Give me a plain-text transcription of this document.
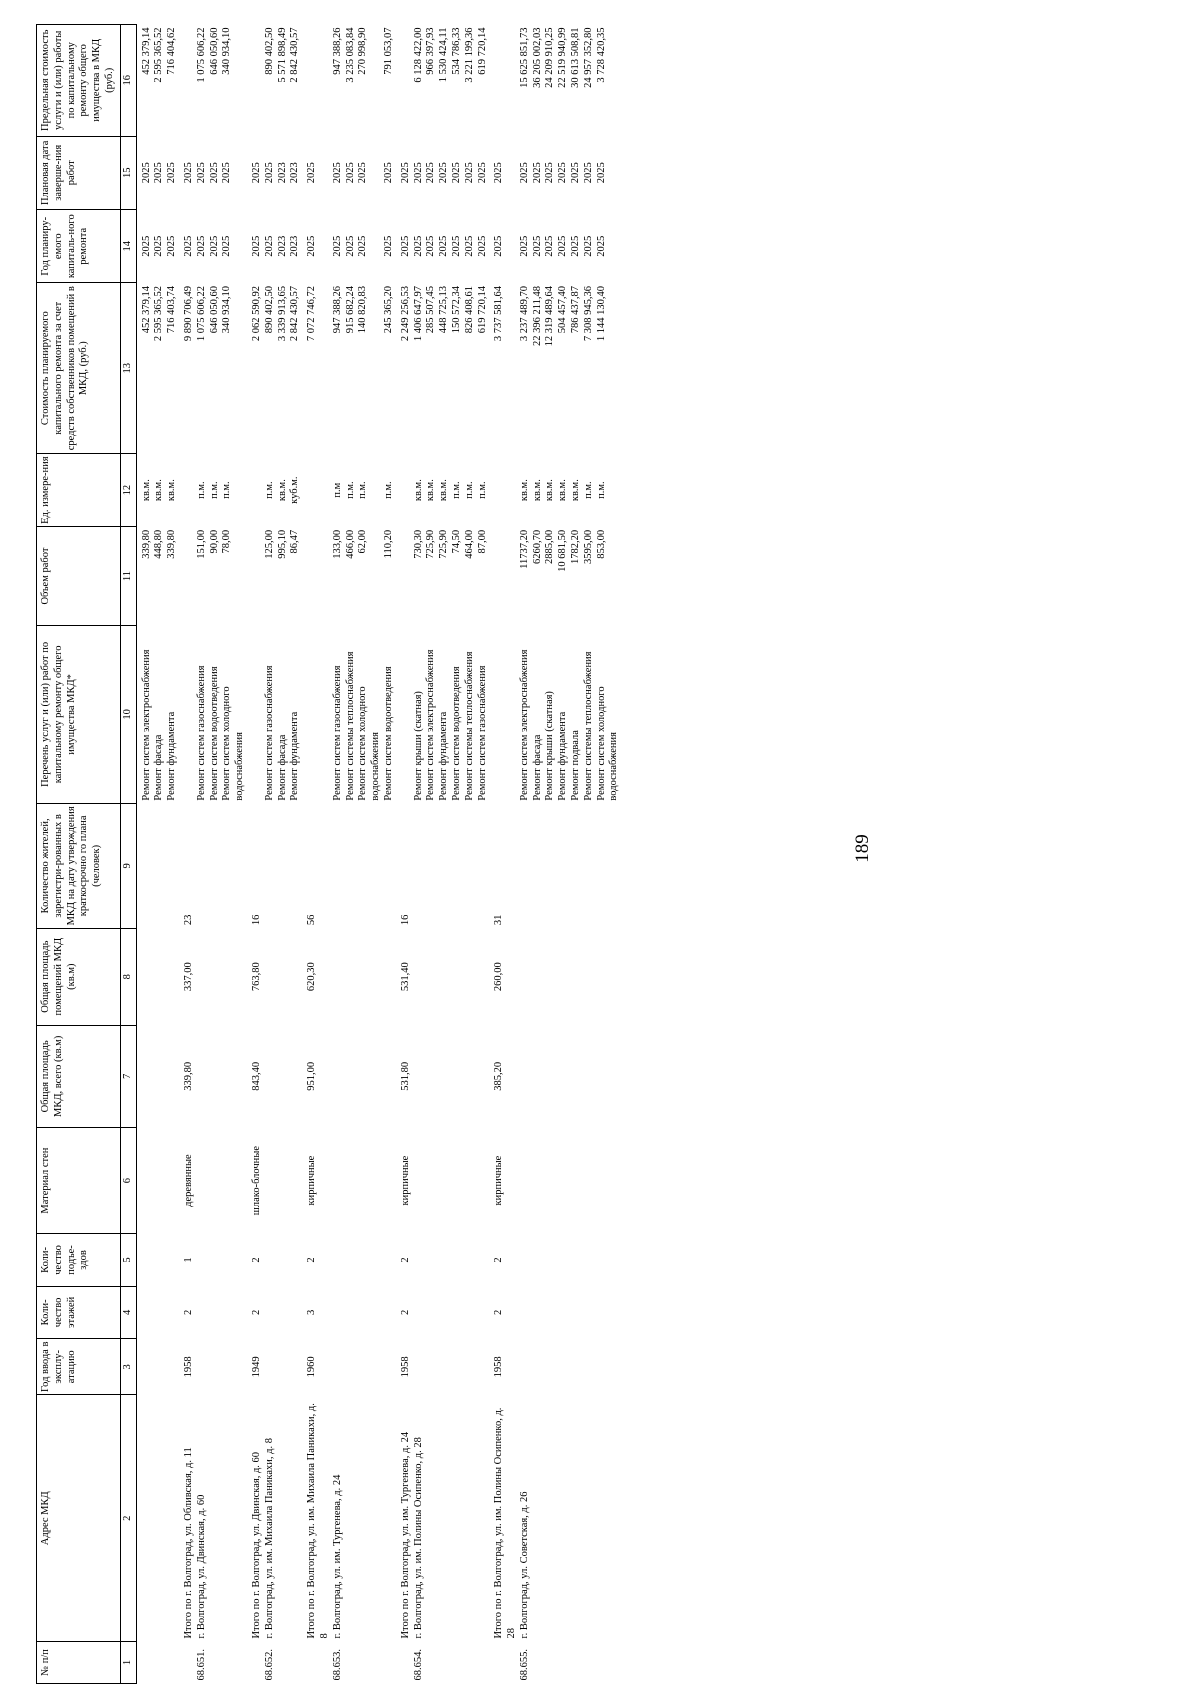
189
№ п/п	Адрес МКД	Год ввода в эксплу-атацию	Коли-чество этажей	Коли-чество подъе-здов	Материал стен	Общая площадь МКД, всего (кв.м)	Общая площадь помещений МКД (кв.м)	Количество жителей, зарегистри-рованных в МКД на дату утверждения краткосрочно го плана (человек)	Перечень услуг и (или) работ по капитальному ремонту общего имущества МКД*	Объем работ	Ед. измере-ния	Стоимость планируемого капитального ремонта за счет средств собственников помещений в МКД, (руб.)	Год планиру-емого капиталь-ного ремонта	Плановая дата заверше-ния работ	Предельная стоимость услуги и (или) работы по капитальному ремонту общего имущества в МКД (руб.)
1	2	3	4	5	6	7	8	9	10	11	12	13	14	15	16
									Ремонт систем электроснабжения	339,80	кв.м.	452 379,14	2025	2025	452 379,14
									Ремонт фасада	448,80	кв.м.	2 595 365,52	2025	2025	2 595 365,52
									Ремонт фундамента	339,80	кв.м.	716 403,74	2025	2025	716 404,62
	Итого по г. Волгоград, ул. Обливская, д. 11	1958	2	1	деревянные	339,80	337,00	23				9 890 706,49	2025	2025	
68.651.	г. Волгоград, ул. Двинская, д. 60								Ремонт систем газоснабжения	151,00	п.м.	1 075 606,22	2025	2025	1 075 606,22
									Ремонт систем водоотведения	90,00	п.м.	646 050,60	2025	2025	646 050,60
									Ремонт систем холодного водоснабжения	78,00	п.м.	340 934,10	2025	2025	340 934,10
	Итого по г. Волгоград, ул. Двинская, д. 60	1949	2	2	шлако-блочные	843,40	763,80	16				2 062 590,92	2025	2025	
68.652.	г. Волгоград, ул. им. Михаила Паникахи, д. 8								Ремонт систем газоснабжения	125,00	п.м.	890 402,50	2025	2025	890 402,50
									Ремонт фасада	995,10	кв.м.	3 339 913,65	2023	2023	5 571 898,49
									Ремонт фундамента	86,47	куб.м.	2 842 430,57	2023	2023	2 842 430,57
	Итого по г. Волгоград, ул. им. Михаила Паникахи, д. 8	1960	3	2	кирпичные	951,00	620,30	56				7 072 746,72	2025	2025	
68.653.	г. Волгоград, ул. им. Тургенева, д. 24								Ремонт систем газоснабжения	133,00	п.м	947 388,26	2025	2025	947 388,26
									Ремонт системы теплоснабжения	466,00	п.м.	915 682,24	2025	2025	3 235 083,84
									Ремонт систем холодного водоснабжения	62,00	п.м.	140 820,83	2025	2025	270 998,90
									Ремонт систем водоотведения	110,20	п.м.	245 365,20	2025	2025	791 053,07
	Итого по г. Волгоград, ул. им. Тургенева, д. 24	1958	2	2	кирпичные	531,80	531,40	16				2 249 256,53	2025	2025	
68.654.	г. Волгоград, ул. им. Полины Осипенко, д. 28								Ремонт крыши (скатная)	730,30	кв.м.	1 406 647,97	2025	2025	6 128 422,00
									Ремонт систем электроснабжения	725,90	кв.м.	285 507,45	2025	2025	966 397,93
									Ремонт фундамента	725,90	кв.м.	448 725,13	2025	2025	1 530 424,11
									Ремонт систем водоотведения	74,50	п.м.	150 572,34	2025	2025	534 786,33
									Ремонт системы теплоснабжения	464,00	п.м.	826 408,61	2025	2025	3 221 199,36
									Ремонт систем газоснабжения	87,00	п.м.	619 720,14	2025	2025	619 720,14
	Итого по г. Волгоград, ул. им. Полины Осипенко, д. 28	1958	2	2	кирпичные	385,20	260,00	31				3 737 581,64	2025	2025	
68.655.	г. Волгоград, ул. Советская, д. 26								Ремонт систем электроснабжения	11737,20	кв.м.	3 237 489,70	2025	2025	15 625 851,73
									Ремонт фасада	6260,70	кв.м.	22 396 211,48	2025	2025	36 205 002,03
									Ремонт крыши (скатная)	2885,00	кв.м.	12 319 489,64	2025	2025	24 209 910,25
									Ремонт фундамента	10 681,50	кв.м.	504 457,40	2025	2025	22 519 940,99
									Ремонт подвала	1782,20	кв.м.	786 437,87	2025	2025	30 613 508,81
									Ремонт системы теплоснабжения	3595,00	п.м.	7 308 945,36	2025	2025	24 957 352,80
									Ремонт систем холодного водоснабжения	853,00	п.м.	1 144 130,40	2025	2025	3 728 420,35
